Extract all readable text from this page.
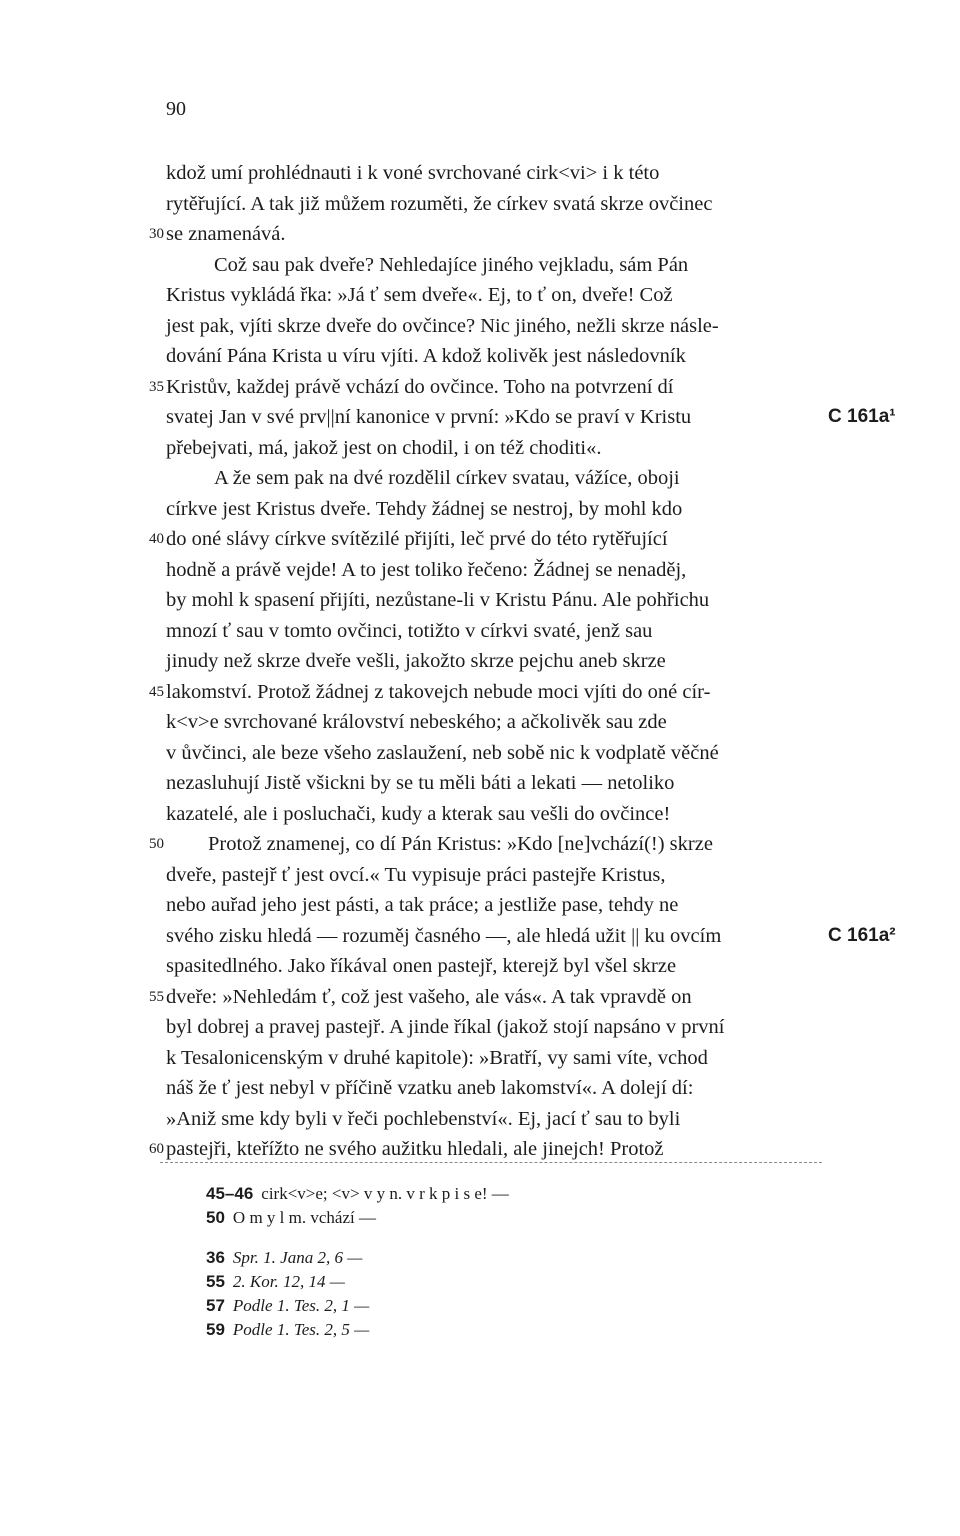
90
kdož umí prohlédnauti i k voné svrchované cirk<vi> i k této
rytěřující. A tak již můžem rozuměti, že církev svatá skrze ovčinec
se znamenává.
30
Což sau pak dveře? Nehledajíce jiného vejkladu, sám Pán
Kristus vykládá řka: »Já ť sem dveře«. Ej, to ť on, dveře! Což
jest pak, vjíti skrze dveře do ovčince? Nic jiného, nežli skrze násle-
dování Pána Krista u víru vjíti. A kdož kolivěk jest následovník
Kristův, každej právě vchází do ovčince. Toho na potvrzení dí
35
svatej Jan v své prv||ní kanonice v první: »Kdo se praví v Kristu	C 161a¹
přebejvati, má, jakož jest on chodil, i on též choditi«.
A že sem pak na dvé rozdělil církev svatau, vážíce, oboji
církve jest Kristus dveře. Tehdy žádnej se nestroj, by mohl kdo
do oné slávy církve svítězilé přijíti, leč prvé do této rytěřující
40
hodně a právě vejde! A to jest toliko řečeno: Žádnej se nenaděj,
by mohl k spasení přijíti, nezůstane-li v Kristu Pánu. Ale pohřichu
mnozí ť sau v tomto ovčinci, totižto v církvi svaté, jenž sau
jinudy než skrze dveře vešli, jakožto skrze pejchu aneb skrze
lakomství. Protož žádnej z takovejch nebude moci vjíti do oné cír-
45
k<v>e svrchované království nebeského; a ačkolivěk sau zde
v ůvčinci, ale beze všeho zaslaužení, neb sobě nic k vodplatě věčné
nezasluhují Jistě všickni by se tu měli báti a lekati — netoliko
kazatelé, ale i posluchači, kudy a kterak sau vešli do ovčince!
Protož znamenej, co dí Pán Kristus: »Kdo [ne]vchází(!) skrze
50
dveře, pastejř ť jest ovcí.« Tu vypisuje práci pastejře Kristus,
nebo auřad jeho jest pásti, a tak práce; a jestliže pase, tehdy ne
svého zisku hledá — rozuměj časného —, ale hledá užit || ku ovcím	C 161a²
spasitedlného. Jako říkával onen pastejř, kterejž byl všel skrze
dveře: »Nehledám ť, což jest vašeho, ale vás«. A tak vpravdě on
55
byl dobrej a pravej pastejř. A jinde říkal (jakož stojí napsáno v první
k Tesalonicenským v druhé kapitole): »Bratří, vy sami víte, vchod
náš že ť jest nebyl v příčině vzatku aneb lakomství«. A dolejí dí:
»Aniž sme kdy byli v řeči pochlebenství«. Ej, jací ť sau to byli
pastejři, kteřížto ne svého aužitku hledali, ale jinejch! Protož
60
45–46 cirk<v>e; <v> v y n. v r k p i s e! —
50 O m y l m. vchází —
36 Spr. 1. Jana 2, 6 —
55 2. Kor. 12, 14 —
57 Podle 1. Tes. 2, 1 —
59 Podle 1. Tes. 2, 5 —
